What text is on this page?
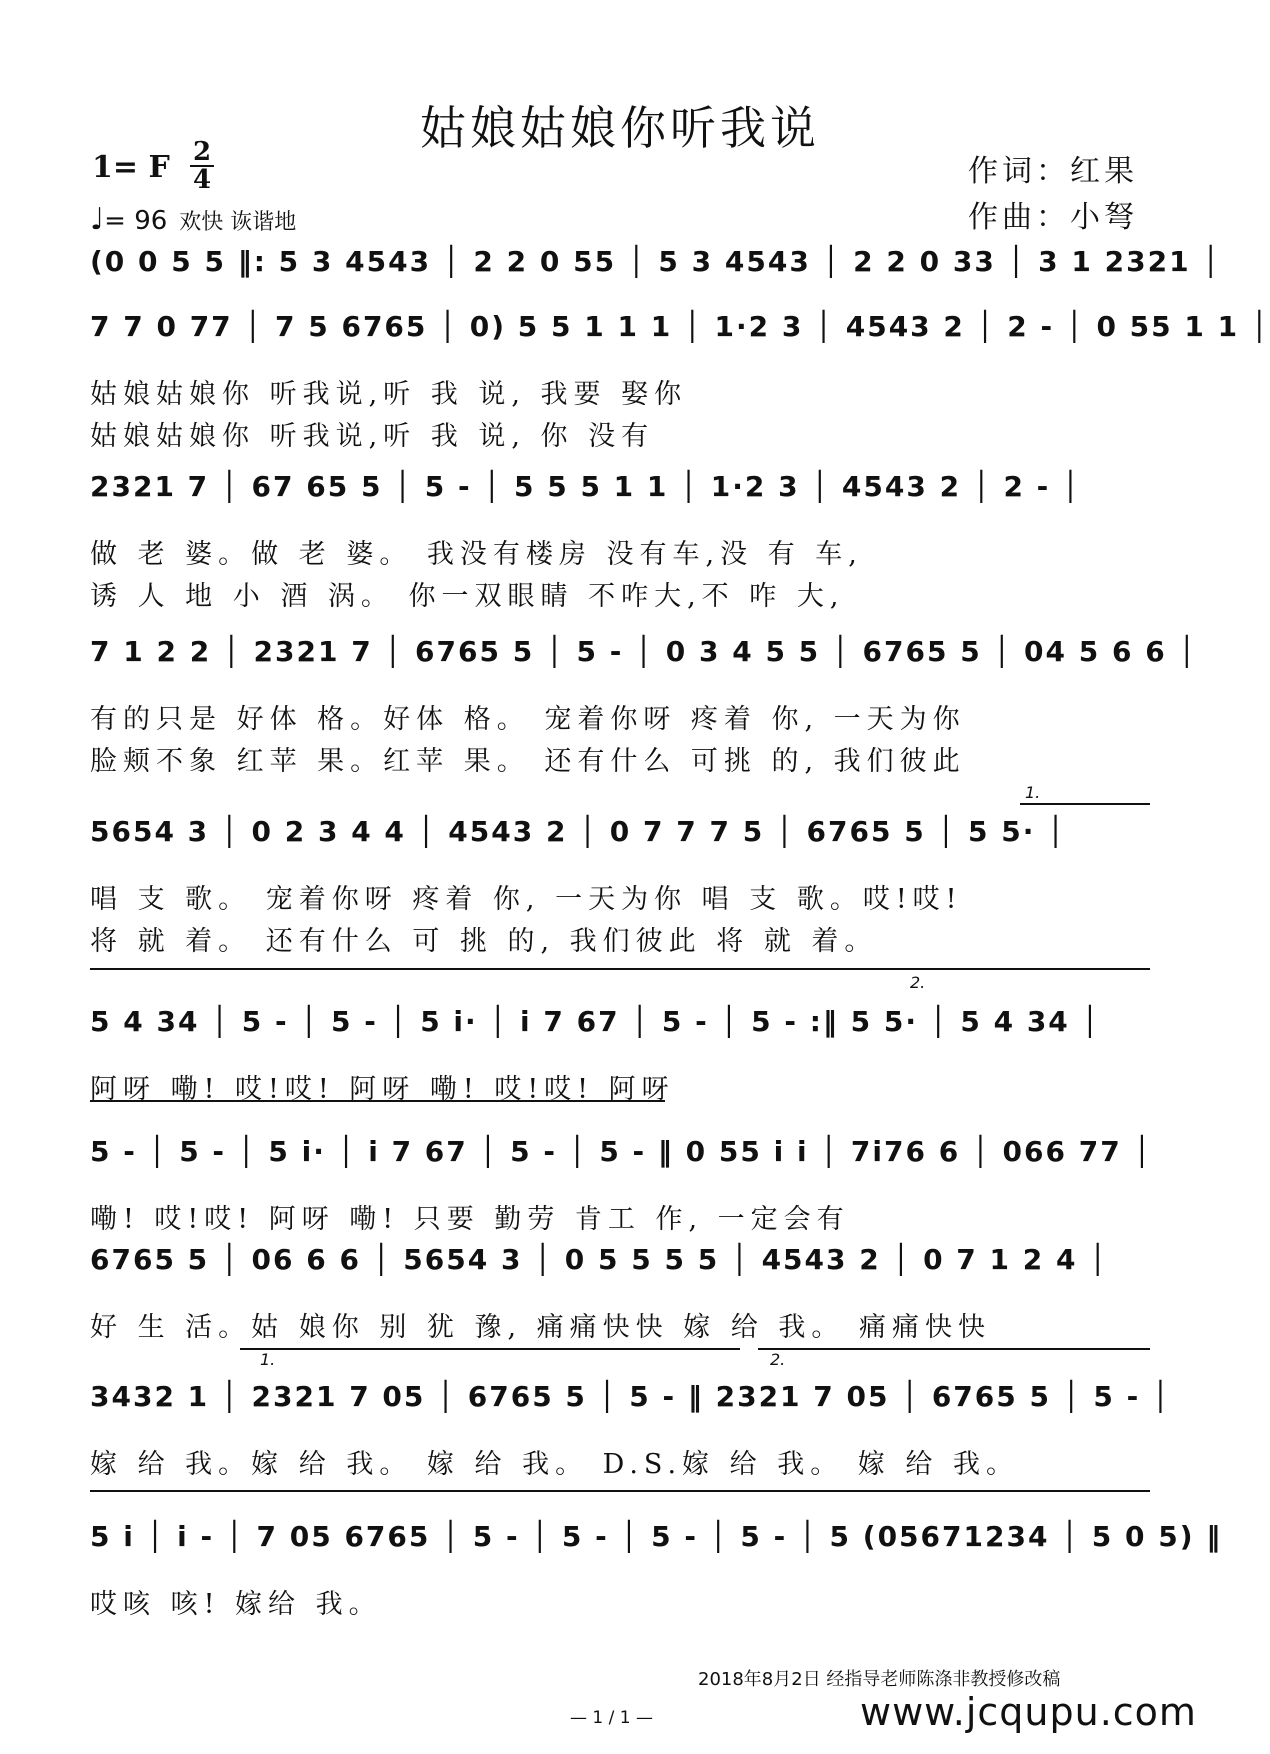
姑娘姑娘你听我说
1= F 2
4
♩= 96 欢快 诙谐地
作词：红果
作曲：小弩
(0 0 5 5 ‖: 5 3 4543 │ 2 2 0 55 │ 5 3 4543 │ 2 2 0 33 │ 3 1 2321 │
7 7 0 77 │ 7 5 6765 │ 0) 5 5 1 1 1 │ 1·2 3 │ 4543 2 │ 2 - │ 0 55 1 1 │
姑娘姑娘你 听我说,听 我 说, 我要 娶你
姑娘姑娘你 听我说,听 我 说, 你 没有
2321 7 │ 67 65 5 │ 5 - │ 5 5 5 1 1 │ 1·2 3 │ 4543 2 │ 2 - │
做 老 婆。做 老 婆。 我没有楼房 没有车,没 有 车,
诱 人 地 小 酒 涡。 你一双眼睛 不咋大,不 咋 大,
7 1 2 2 │ 2321 7 │ 6765 5 │ 5 - │ 0 3 4 5 5 │ 6765 5 │ 04 5 6 6 │
有的只是 好体 格。好体 格。 宠着你呀 疼着 你, 一天为你
脸颊不象 红苹 果。红苹 果。 还有什么 可挑 的, 我们彼此
1.
5654 3 │ 0 2 3 4 4 │ 4543 2 │ 0 7 7 7 5 │ 6765 5 │ 5 5· │
唱 支 歌。 宠着你呀 疼着 你, 一天为你 唱 支 歌。哎!哎!
将 就 着。 还有什么 可 挑 的, 我们彼此 将 就 着。
2.
5 4 34 │ 5 - │ 5 - │ 5 i· │ i 7 67 │ 5 - │ 5 - :‖ 5 5· │ 5 4 34 │
阿呀 嘞! 哎!哎! 阿呀 嘞! 哎!哎! 阿呀
5 - │ 5 - │ 5 i· │ i 7 67 │ 5 - │ 5 - ‖ 0 55 i i │ 7i76 6 │ 066 77 │
嘞! 哎!哎! 阿呀 嘞! 只要 勤劳 肯工 作, 一定会有
6765 5 │ 06 6 6 │ 5654 3 │ 0 5 5 5 5 │ 4543 2 │ 0 7 1 2 4 │
好 生 活。姑 娘你 别 犹 豫, 痛痛快快 嫁 给 我。 痛痛快快
1.	2.
3432 1 │ 2321 7 05 │ 6765 5 │ 5 - ‖ 2321 7 05 │ 6765 5 │ 5 - │
嫁 给 我。嫁 给 我。 嫁 给 我。 D.S.嫁 给 我。 嫁 给 我。
5 i │ i - │ 7 05 6765 │ 5 - │ 5 - │ 5 - │ 5 - │ 5 (05671234 │ 5 0 5) ‖
哎咳 咳! 嫁给 我。
2018年8月2日 经指导老师陈涤非教授修改稿
— 1 / 1 —	www.jcqupu.com
